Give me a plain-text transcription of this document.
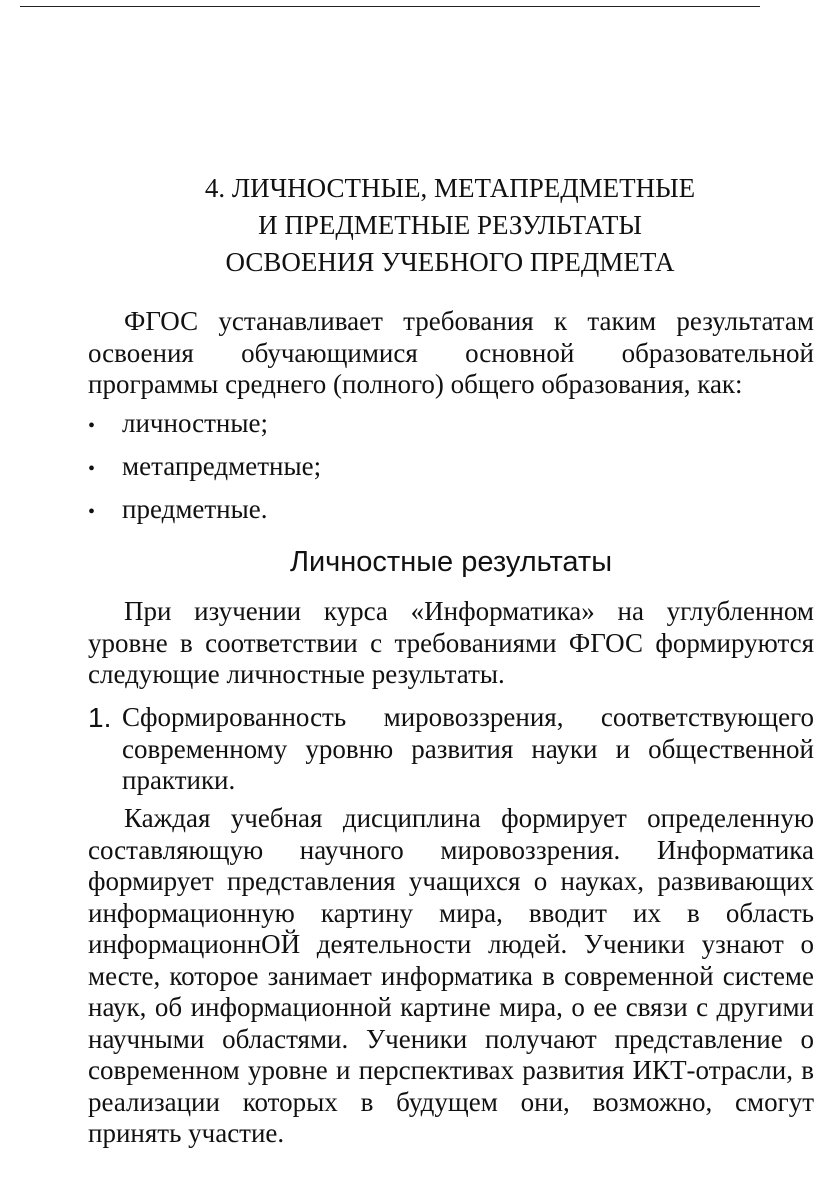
4. ЛИЧНОСТНЫЕ, МЕТАПРЕДМЕТНЫЕ
И ПРЕДМЕТНЫЕ РЕЗУЛЬТАТЫ
ОСВОЕНИЯ УЧЕБНОГО ПРЕДМЕТА

ФГОС устанавливает требования к таким результатам освоения обучающимися основной образовательной программы среднего (полного) общего образования, как:

• личностные;
• метапредметные;
• предметные.
Личностные результаты

При изучении курса «Информатика» на углубленном уровне в соответствии с требованиями ФГОС формируются следующие личностные результаты.

1. Сформированность мировоззрения, соответствующего современному уровню развития науки и общественной практики.

Каждая учебная дисциплина формирует определенную составляющую научного мировоззрения. Информатика формирует представления учащихся о науках, развивающих информационную картину мира, вводит их в область информационнОЙ деятельности людей. Ученики узнают о месте, которое занимает информатика в современной системе наук, об информационной картине мира, о ее связи с другими научными областями. Ученики получают представление о современном уровне и перспективах развития ИКТ-отрасли, в реализации которых в будущем они, возможно, смогут принять участие.
